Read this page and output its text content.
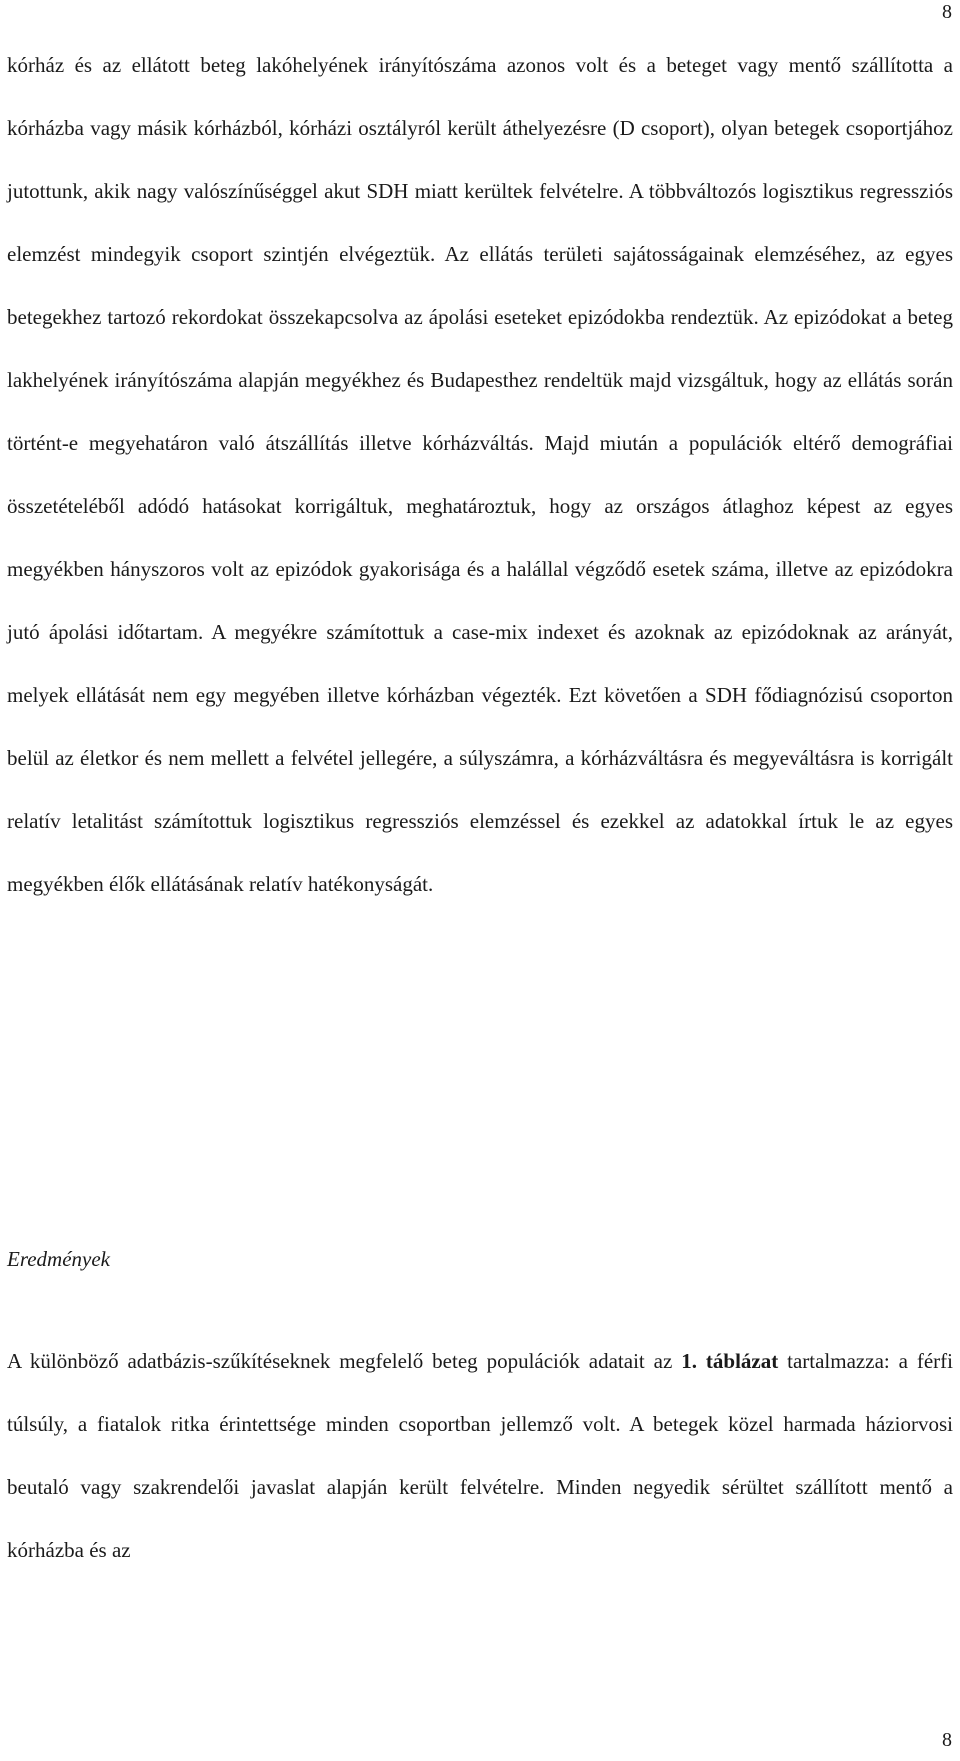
8

kórház és az ellátott beteg lakóhelyének irányítószáma azonos volt és a beteget vagy mentő szállította a kórházba vagy másik kórházból, kórházi osztályról került áthelyezésre (D csoport), olyan betegek csoportjához jutottunk, akik nagy valószínűséggel akut SDH miatt kerültek felvételre. A többváltozós logisztikus regressziós elemzést mindegyik csoport szintjén elvégeztük. Az ellátás területi sajátosságainak elemzéséhez, az egyes betegekhez tartozó rekordokat összekapcsolva az ápolási eseteket epizódokba rendeztük. Az epizódokat a beteg lakhelyének irányítószáma alapján megyékhez és Budapesthez rendeltük majd vizsgáltuk, hogy az ellátás során történt-e megyehatáron való átszállítás illetve kórházváltás. Majd miután a populációk eltérő demográfiai összetételéből adódó hatásokat korrigáltuk, meghatároztuk, hogy az országos átlaghoz képest az egyes megyékben hányszoros volt az epizódok gyakorisága és a halállal végződő esetek száma, illetve az epizódokra jutó ápolási időtartam. A megyékre számítottuk a case-mix indexet és azoknak az epizódoknak az arányát, melyek ellátását nem egy megyében illetve kórházban végezték. Ezt követően a SDH fődiagnózisú csoporton belül az életkor és nem mellett a felvétel jellegére, a súlyszámra, a kórházváltásra és megyeváltásra is korrigált relatív letalitást számítottuk logisztikus regressziós elemzéssel és ezekkel az adatokkal írtuk le az egyes megyékben élők ellátásának relatív hatékonyságát.

Eredmények

A különböző adatbázis-szűkítéseknek megfelelő beteg populációk adatait az 1. táblázat tartalmazza: a férfi túlsúly, a fiatalok ritka érintettsége minden csoportban jellemző volt. A betegek közel harmada háziorvosi beutaló vagy szakrendelői javaslat alapján került felvételre. Minden negyedik sérültet szállított mentő a kórházba és az

8
